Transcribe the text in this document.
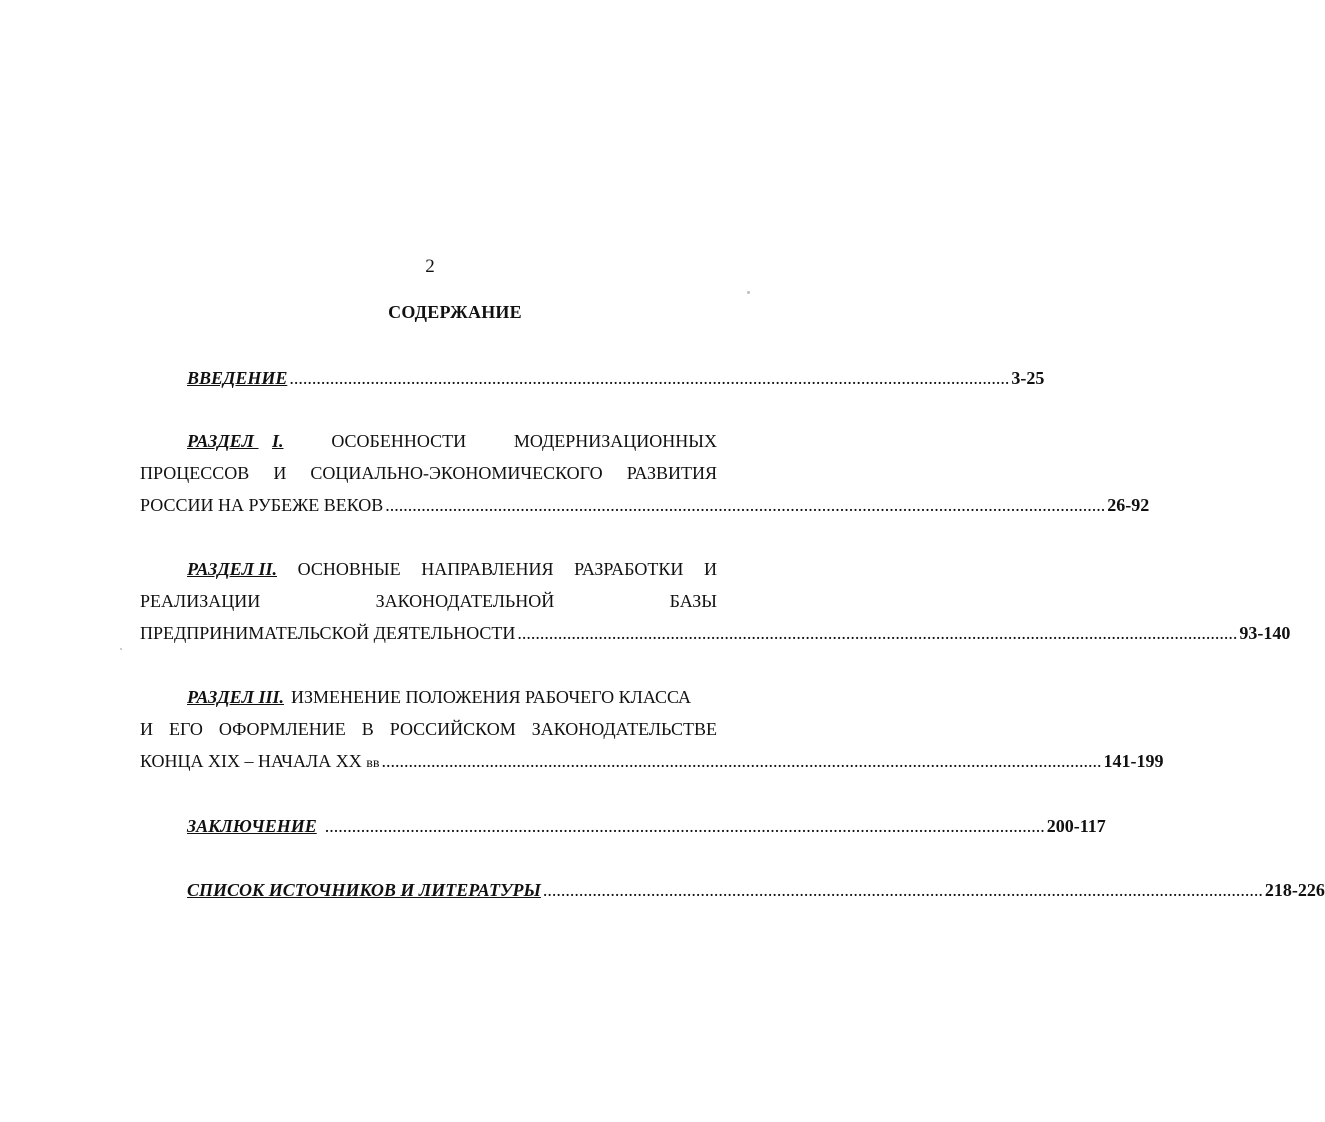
2
СОДЕРЖАНИЕ
ВВЕДЕНИЕ ................................................................................................................................................................ 3-25
РАЗДЕЛ I.	ОСОБЕННОСТИ	МОДЕРНИЗАЦИОННЫХ
ПРОЦЕССОВ И СОЦИАЛЬНО-ЭКОНОМИЧЕСКОГО РАЗВИТИЯ
РОССИИ НА РУБЕЖЕ ВЕКОВ ................................................................................................................................................................ 26-92
РАЗДЕЛ II. ОСНОВНЫЕ НАПРАВЛЕНИЯ РАЗРАБОТКИ И
РЕАЛИЗАЦИИ	ЗАКОНОДАТЕЛЬНОЙ	БАЗЫ
ПРЕДПРИНИМАТЕЛЬСКОЙ ДЕЯТЕЛЬНОСТИ ................................................................................................................................................................ 93-140
РАЗДЕЛ III. ИЗМЕНЕНИЕ ПОЛОЖЕНИЯ РАБОЧЕГО КЛАССА
И ЕГО ОФОРМЛЕНИЕ В РОССИЙСКОМ ЗАКОНОДАТЕЛЬСТВЕ
КОНЦА XIX – НАЧАЛА XX вв ................................................................................................................................................................ 141-199
ЗАКЛЮЧЕНИЕ ................................................................................................................................................................ 200-117
СПИСОК ИСТОЧНИКОВ И ЛИТЕРАТУРЫ ................................................................................................................................................................ 218-226
